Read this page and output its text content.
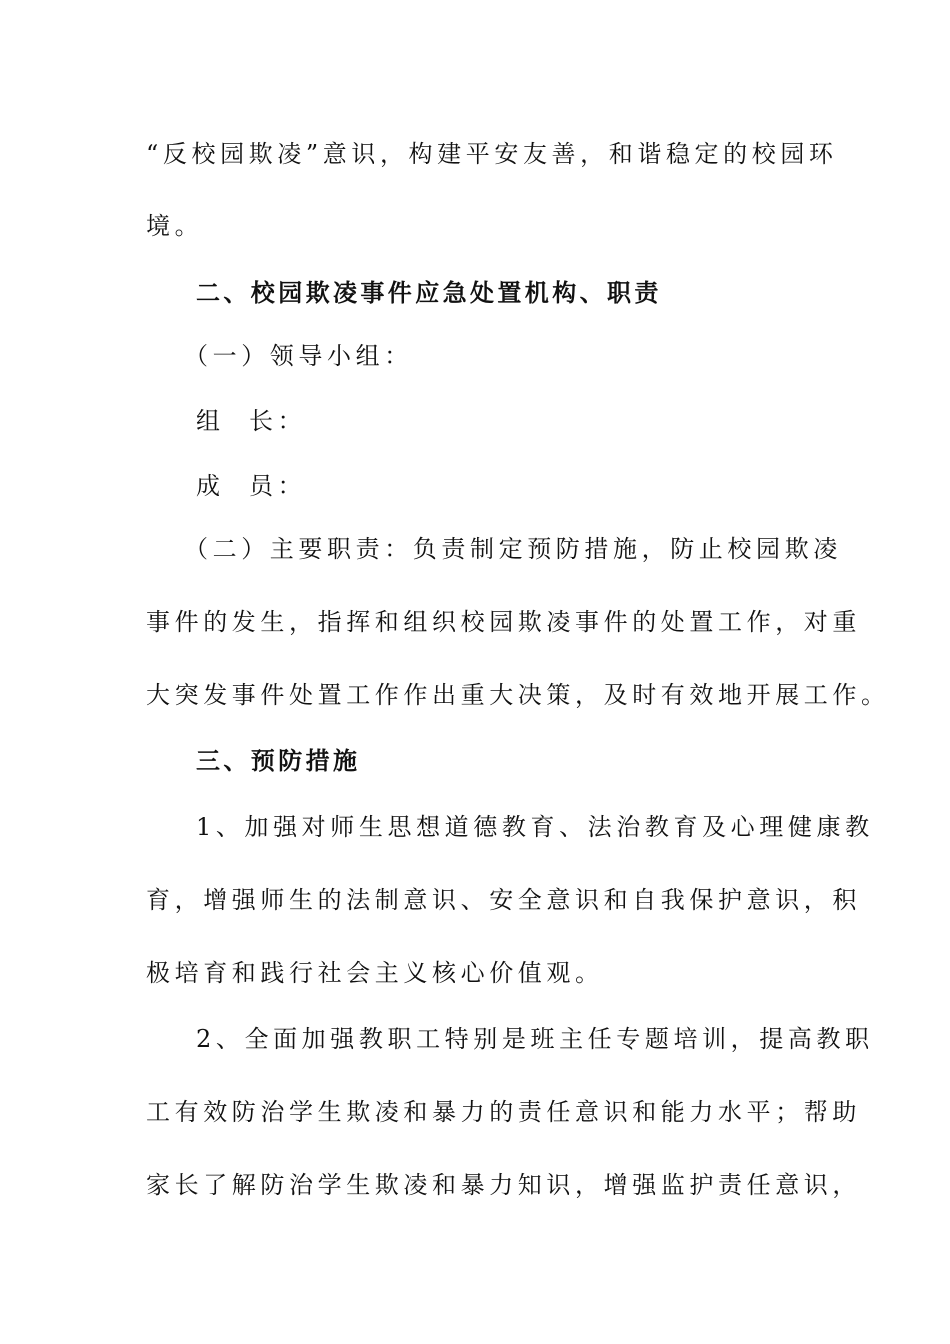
“反校园欺凌”意识，构建平安友善，和谐稳定的校园环
境。
二、校园欺凌事件应急处置机构、职责
（一）领导小组：
组  长：
成  员：
（二）主要职责：负责制定预防措施，防止校园欺凌
事件的发生，指挥和组织校园欺凌事件的处置工作，对重
大突发事件处置工作作出重大决策，及时有效地开展工作。
三、预防措施
1、加强对师生思想道德教育、法治教育及心理健康教
育，增强师生的法制意识、安全意识和自我保护意识，积
极培育和践行社会主义核心价值观。
2、全面加强教职工特别是班主任专题培训，提高教职
工有效防治学生欺凌和暴力的责任意识和能力水平；帮助
家长了解防治学生欺凌和暴力知识，增强监护责任意识，
